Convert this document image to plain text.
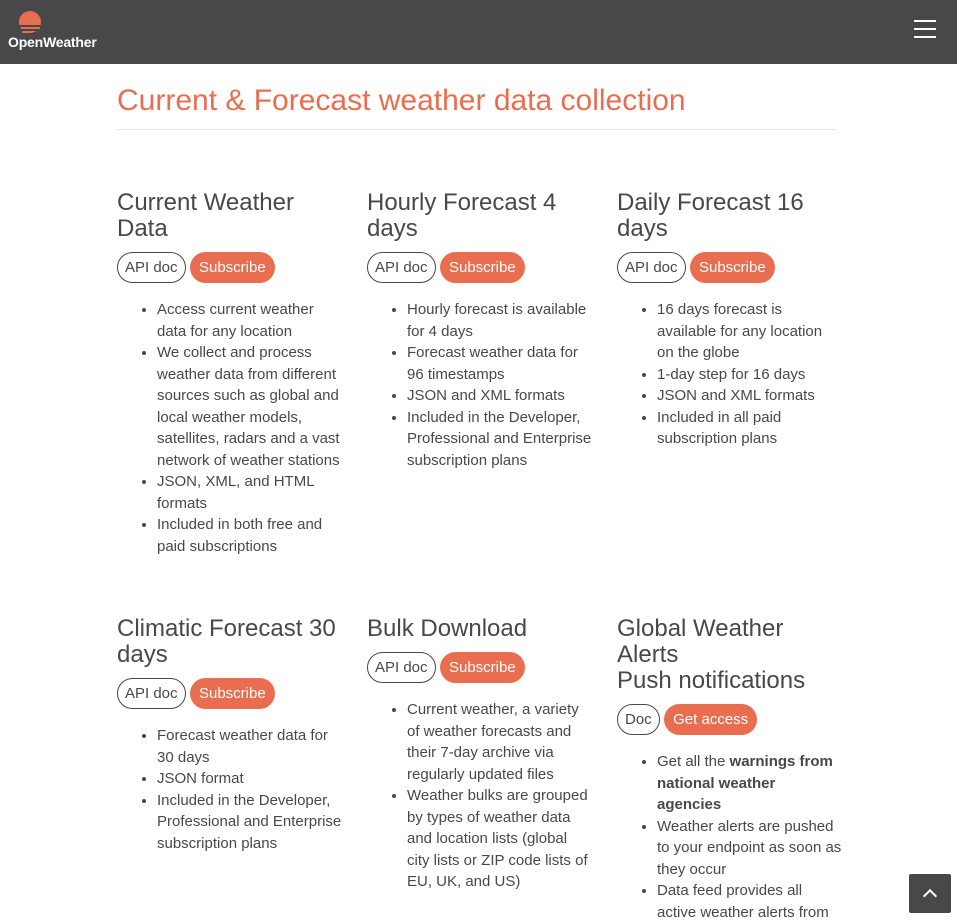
OpenWeather
Current & Forecast weather data collection
Current Weather Data
API doc Subscribe
• Access current weather data for any location
• We collect and process weather data from different sources such as global and local weather models, satellites, radars and a vast network of weather stations
• JSON, XML, and HTML formats
• Included in both free and paid subscriptions
Hourly Forecast 4 days
API doc Subscribe
• Hourly forecast is available for 4 days
• Forecast weather data for 96 timestamps
• JSON and XML formats
• Included in the Developer, Professional and Enterprise subscription plans
Daily Forecast 16 days
API doc Subscribe
• 16 days forecast is available for any location on the globe
• 1-day step for 16 days
• JSON and XML formats
• Included in all paid subscription plans
Climatic Forecast 30 days
API doc Subscribe
• Forecast weather data for 30 days
• JSON format
• Included in the Developer, Professional and Enterprise subscription plans
Bulk Download
API doc Subscribe
• Current weather, a variety of weather forecasts and their 7-day archive via regularly updated files
• Weather bulks are grouped by types of weather data and location lists (global city lists or ZIP code lists of EU, UK, and US)
Global Weather Alerts
Push notifications
Doc Get access
• Get all the warnings from national weather agencies
• Weather alerts are pushed to your endpoint as soon as they occur
• Data feed provides all active weather alerts from
